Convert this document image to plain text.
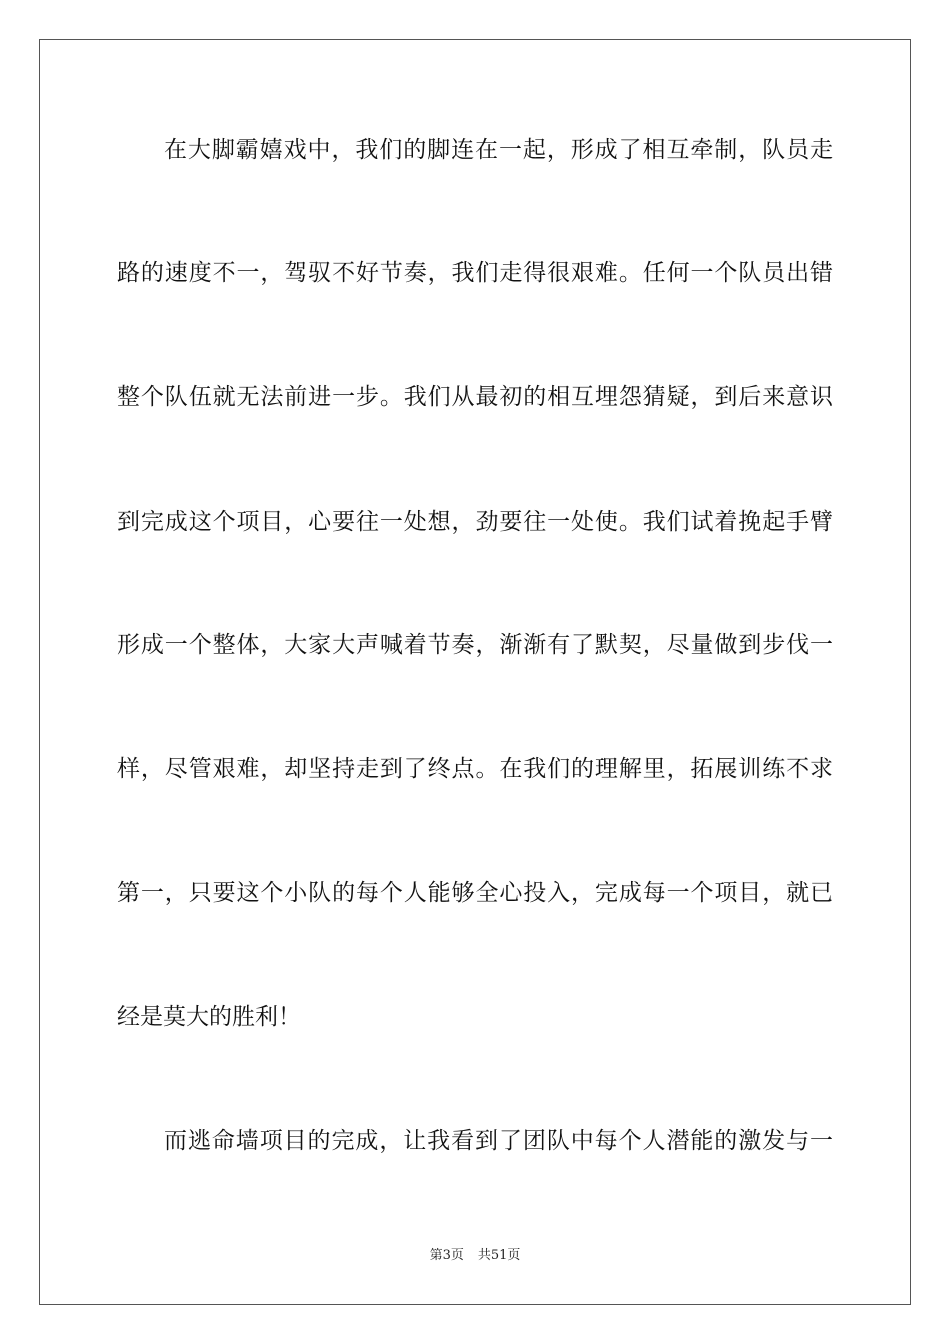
在大脚霸嬉戏中，我们的脚连在一起，形成了相互牵制，队员走
路的速度不一，驾驭不好节奏，我们走得很艰难。任何一个队员出错
整个队伍就无法前进一步。我们从最初的相互埋怨猜疑，到后来意识
到完成这个项目，心要往一处想，劲要往一处使。我们试着挽起手臂
形成一个整体，大家大声喊着节奏，渐渐有了默契，尽量做到步伐一
样，尽管艰难，却坚持走到了终点。在我们的理解里，拓展训练不求
第一，只要这个小队的每个人能够全心投入，完成每一个项目，就已
经是莫大的胜利！
而逃命墙项目的完成，让我看到了团队中每个人潜能的激发与一
第3页 共51页
